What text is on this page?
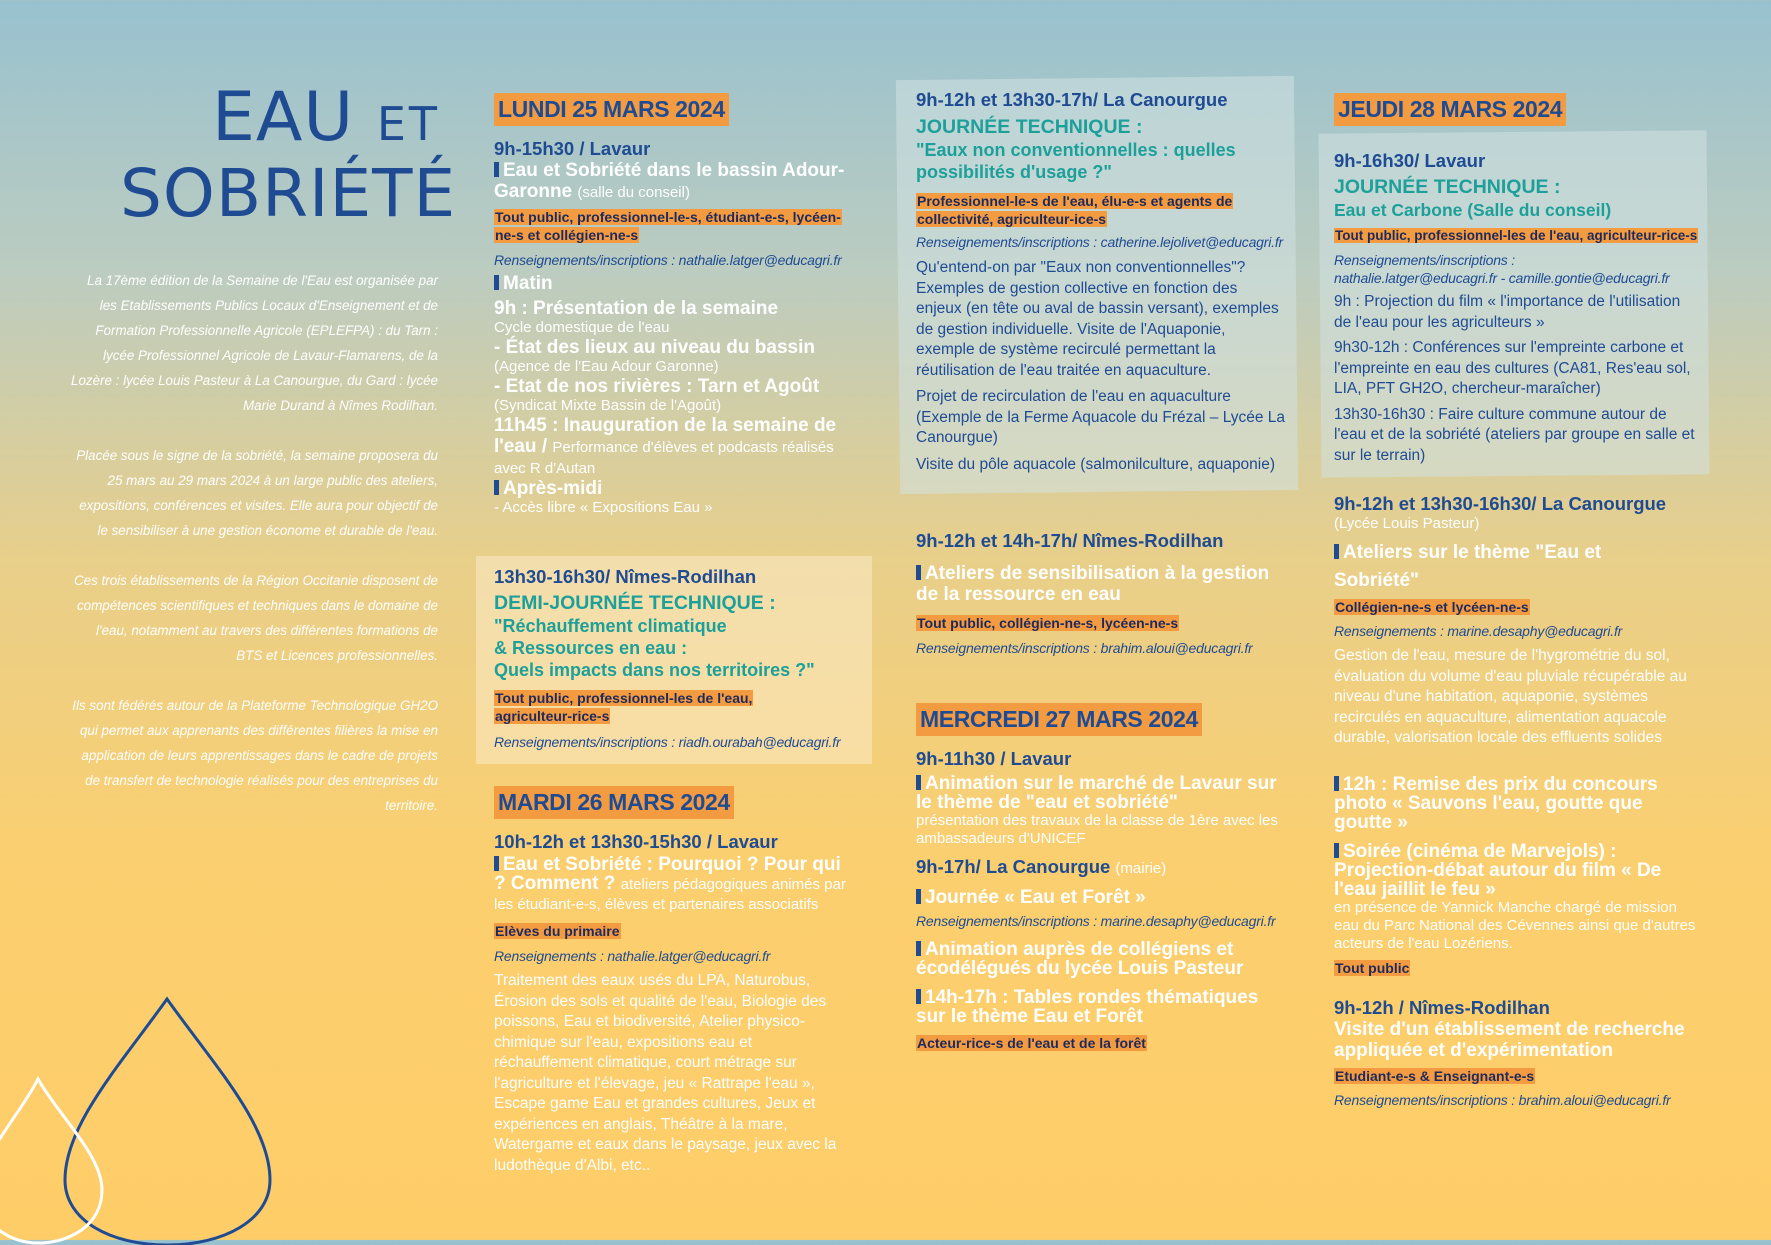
EAU ET
SOBRIÉTÉ

La 17ème édition de la Semaine de l'Eau est organisée par les Etablissements Publics Locaux d'Enseignement et de Formation Professionnelle Agricole (EPLEFPA) : du Tarn : lycée Professionnel Agricole de Lavaur-Flamarens, de la Lozère : lycée Louis Pasteur à La Canourgue, du Gard : lycée Marie Durand à Nîmes Rodilhan.

Placée sous le signe de la sobriété, la semaine proposera du 25 mars au 29 mars 2024 à un large public des ateliers, expositions, conférences et visites. Elle aura pour objectif de le sensibiliser à une gestion économe et durable de l'eau.

Ces trois établissements de la Région Occitanie disposent de compétences scientifiques et techniques dans le domaine de l'eau, notamment au travers des différentes formations de BTS et Licences professionnelles.

Ils sont fédérés autour de la Plateforme Technologique GH2O qui permet aux apprenants des différentes filières la mise en application de leurs apprentissages dans le cadre de projets de transfert de technologie réalisés pour des entreprises du territoire.

LUNDI 25 MARS 2024
9h-15h30 / Lavaur
Eau et Sobriété dans le bassin Adour-Garonne (salle du conseil)
Tout public, professionnel-le-s, étudiant-e-s, lycéen-ne-s et collégien-ne-s
Renseignements/inscriptions : nathalie.latger@educagri.fr
Matin
9h : Présentation de la semaine
Cycle domestique de l'eau
- État des lieux au niveau du bassin
(Agence de l'Eau Adour Garonne)
- Etat de nos rivières : Tarn et Agoût
(Syndicat Mixte Bassin de l'Agoût)
11h45 : Inauguration de la semaine de l'eau / Performance d'élèves et podcasts réalisés avec R d'Autan
Après-midi
- Accès libre « Expositions Eau »
13h30-16h30/ Nîmes-Rodilhan
DEMI-JOURNÉE TECHNIQUE :
"Réchauffement climatique
& Ressources en eau :
Quels impacts dans nos territoires ?"
Tout public, professionnel-les de l'eau, agriculteur-rice-s
Renseignements/inscriptions : riadh.ourabah@educagri.fr
MARDI 26 MARS 2024
10h-12h et 13h30-15h30 / Lavaur
Eau et Sobriété : Pourquoi ? Pour qui ? Comment ? ateliers pédagogiques animés par les étudiant-e-s, élèves et partenaires associatifs
Elèves du primaire
Renseignements : nathalie.latger@educagri.fr
Traitement des eaux usés du LPA, Naturobus, Érosion des sols et qualité de l'eau, Biologie des poissons, Eau et biodiversité, Atelier physico-chimique sur l'eau, expositions eau et réchauffement climatique, court métrage sur l'agriculture et l'élevage, jeu « Rattrape l'eau », Escape game Eau et grandes cultures, Jeux et expériences en anglais, Théâtre à la mare, Watergame et eaux dans le paysage, jeux avec la ludothèque d'Albi, etc..
9h-12h et 13h30-17h/ La Canourgue
JOURNÉE TECHNIQUE :
"Eaux non conventionnelles : quelles possibilités d'usage ?"
Professionnel-le-s de l'eau, élu-e-s et agents de collectivité, agriculteur-ice-s
Renseignements/inscriptions : catherine.lejolivet@educagri.fr
Qu'entend-on par "Eaux non conventionnelles"? Exemples de gestion collective en fonction des enjeux (en tête ou aval de bassin versant), exemples de gestion individuelle. Visite de l'Aquaponie, exemple de système recirculé permettant la réutilisation de l'eau traitée en aquaculture.
Projet de recirculation de l'eau en aquaculture (Exemple de la Ferme Aquacole du Frézal – Lycée La Canourgue)
Visite du pôle aquacole (salmonilculture, aquaponie)
9h-12h et 14h-17h/ Nîmes-Rodilhan
Ateliers de sensibilisation à la gestion de la ressource en eau
Tout public, collégien-ne-s, lycéen-ne-s
Renseignements/inscriptions : brahim.aloui@educagri.fr
MERCREDI 27 MARS 2024
9h-11h30 / Lavaur
Animation sur le marché de Lavaur sur le thème de "eau et sobriété"
présentation des travaux de la classe de 1ère avec les ambassadeurs d'UNICEF
9h-17h/ La Canourgue (mairie)
Journée « Eau et Forêt »
Renseignements/inscriptions : marine.desaphy@educagri.fr
Animation auprès de collégiens et écodélégués du lycée Louis Pasteur
14h-17h : Tables rondes thématiques sur le thème Eau et Forêt
Acteur-rice-s de l'eau et de la forêt
JEUDI 28 MARS 2024
9h-16h30/ Lavaur
JOURNÉE TECHNIQUE :
Eau et Carbone (Salle du conseil)
Tout public, professionnel-les de l'eau, agriculteur-rice-s
Renseignements/inscriptions :
nathalie.latger@educagri.fr - camille.gontie@educagri.fr
9h : Projection du film « l'importance de l'utilisation de l'eau pour les agriculteurs »
9h30-12h : Conférences sur l'empreinte carbone et l'empreinte en eau des cultures (CA81, Res'eau sol, LIA, PFT GH2O, chercheur-maraîcher)
13h30-16h30 : Faire culture commune autour de l'eau et de la sobriété (ateliers par groupe en salle et sur le terrain)
9h-12h et 13h30-16h30/ La Canourgue
(Lycée Louis Pasteur)
Ateliers sur le thème "Eau et Sobriété"
Collégien-ne-s et lycéen-ne-s
Renseignements : marine.desaphy@educagri.fr
Gestion de l'eau, mesure de l'hygrométrie du sol, évaluation du volume d'eau pluviale récupérable au niveau d'une habitation, aquaponie, systèmes recirculés en aquaculture, alimentation aquacole durable, valorisation locale des effluents solides
12h : Remise des prix du concours photo « Sauvons l'eau, goutte que goutte »
Soirée (cinéma de Marvejols) : Projection-débat autour du film « De l'eau jaillit le feu »
en présence de Yannick Manche chargé de mission eau du Parc National des Cévennes ainsi que d'autres acteurs de l'eau Lozériens.
Tout public
9h-12h / Nîmes-Rodilhan
Visite d'un établissement de recherche appliquée et d'expérimentation
Etudiant-e-s & Enseignant-e-s
Renseignements/inscriptions : brahim.aloui@educagri.fr
